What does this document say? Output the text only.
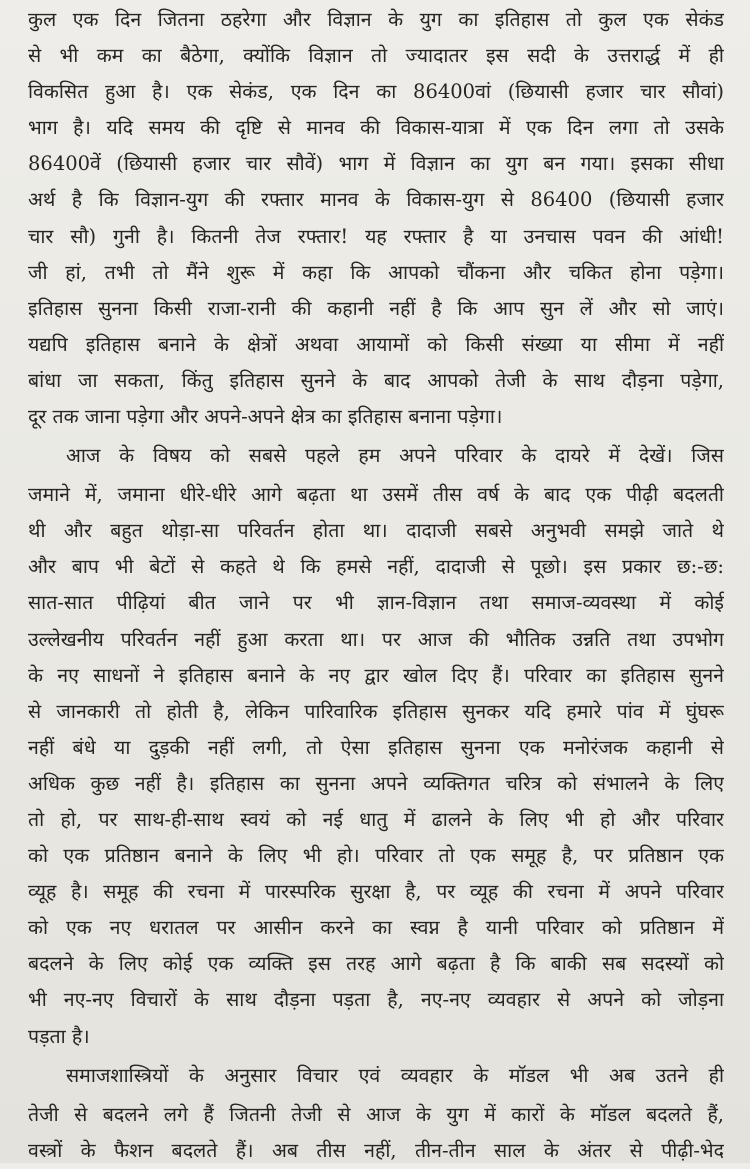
कुल एक दिन जितना ठहरेगा और विज्ञान के युग का इतिहास तो कुल एक सेकंड
से भी कम का बैठेगा, क्योंकि विज्ञान तो ज्यादातर इस सदी के उत्तरार्द्ध में ही
विकसित हुआ है। एक सेकंड, एक दिन का 86400वां (छियासी हजार चार सौवां)
भाग है। यदि समय की दृष्टि से मानव की विकास-यात्रा में एक दिन लगा तो उसके
86400वें (छियासी हजार चार सौवें) भाग में विज्ञान का युग बन गया। इसका सीधा
अर्थ है कि विज्ञान-युग की रफ्तार मानव के विकास-युग से 86400 (छियासी हजार
चार सौ) गुनी है। कितनी तेज रफ्तार! यह रफ्तार है या उनचास पवन की आंधी!
जी हां, तभी तो मैंने शुरू में कहा कि आपको चौंकना और चकित होना पड़ेगा।
इतिहास सुनना किसी राजा-रानी की कहानी नहीं है कि आप सुन लें और सो जाएं।
यद्यपि इतिहास बनाने के क्षेत्रों अथवा आयामों को किसी संख्या या सीमा में नहीं
बांधा जा सकता, किंतु इतिहास सुनने के बाद आपको तेजी के साथ दौड़ना पड़ेगा,
दूर तक जाना पड़ेगा और अपने-अपने क्षेत्र का इतिहास बनाना पड़ेगा।
आज के विषय को सबसे पहले हम अपने परिवार के दायरे में देखें। जिस
जमाने में, जमाना धीरे-धीरे आगे बढ़ता था उसमें तीस वर्ष के बाद एक पीढ़ी बदलती
थी और बहुत थोड़ा-सा परिवर्तन होता था। दादाजी सबसे अनुभवी समझे जाते थे
और बाप भी बेटों से कहते थे कि हमसे नहीं, दादाजी से पूछो। इस प्रकार छ:-छ:
सात-सात पीढ़ियां बीत जाने पर भी ज्ञान-विज्ञान तथा समाज-व्यवस्था में कोई
उल्लेखनीय परिवर्तन नहीं हुआ करता था। पर आज की भौतिक उन्नति तथा उपभोग
के नए साधनों ने इतिहास बनाने के नए द्वार खोल दिए हैं। परिवार का इतिहास सुनने
से जानकारी तो होती है, लेकिन पारिवारिक इतिहास सुनकर यदि हमारे पांव में घुंघरू
नहीं बंधे या दुड़की नहीं लगी, तो ऐसा इतिहास सुनना एक मनोरंजक कहानी से
अधिक कुछ नहीं है। इतिहास का सुनना अपने व्यक्तिगत चरित्र को संभालने के लिए
तो हो, पर साथ-ही-साथ स्वयं को नई धातु में ढालने के लिए भी हो और परिवार
को एक प्रतिष्ठान बनाने के लिए भी हो। परिवार तो एक समूह है, पर प्रतिष्ठान एक
व्यूह है। समूह की रचना में पारस्परिक सुरक्षा है, पर व्यूह की रचना में अपने परिवार
को एक नए धरातल पर आसीन करने का स्वप्न है यानी परिवार को प्रतिष्ठान में
बदलने के लिए कोई एक व्यक्ति इस तरह आगे बढ़ता है कि बाकी सब सदस्यों को
भी नए-नए विचारों के साथ दौड़ना पड़ता है, नए-नए व्यवहार से अपने को जोड़ना
पड़ता है।
समाजशास्त्रियों के अनुसार विचार एवं व्यवहार के मॉडल भी अब उतने ही
तेजी से बदलने लगे हैं जितनी तेजी से आज के युग में कारों के मॉडल बदलते हैं,
वस्त्रों के फैशन बदलते हैं। अब तीस नहीं, तीन-तीन साल के अंतर से पीढ़ी-भेद
